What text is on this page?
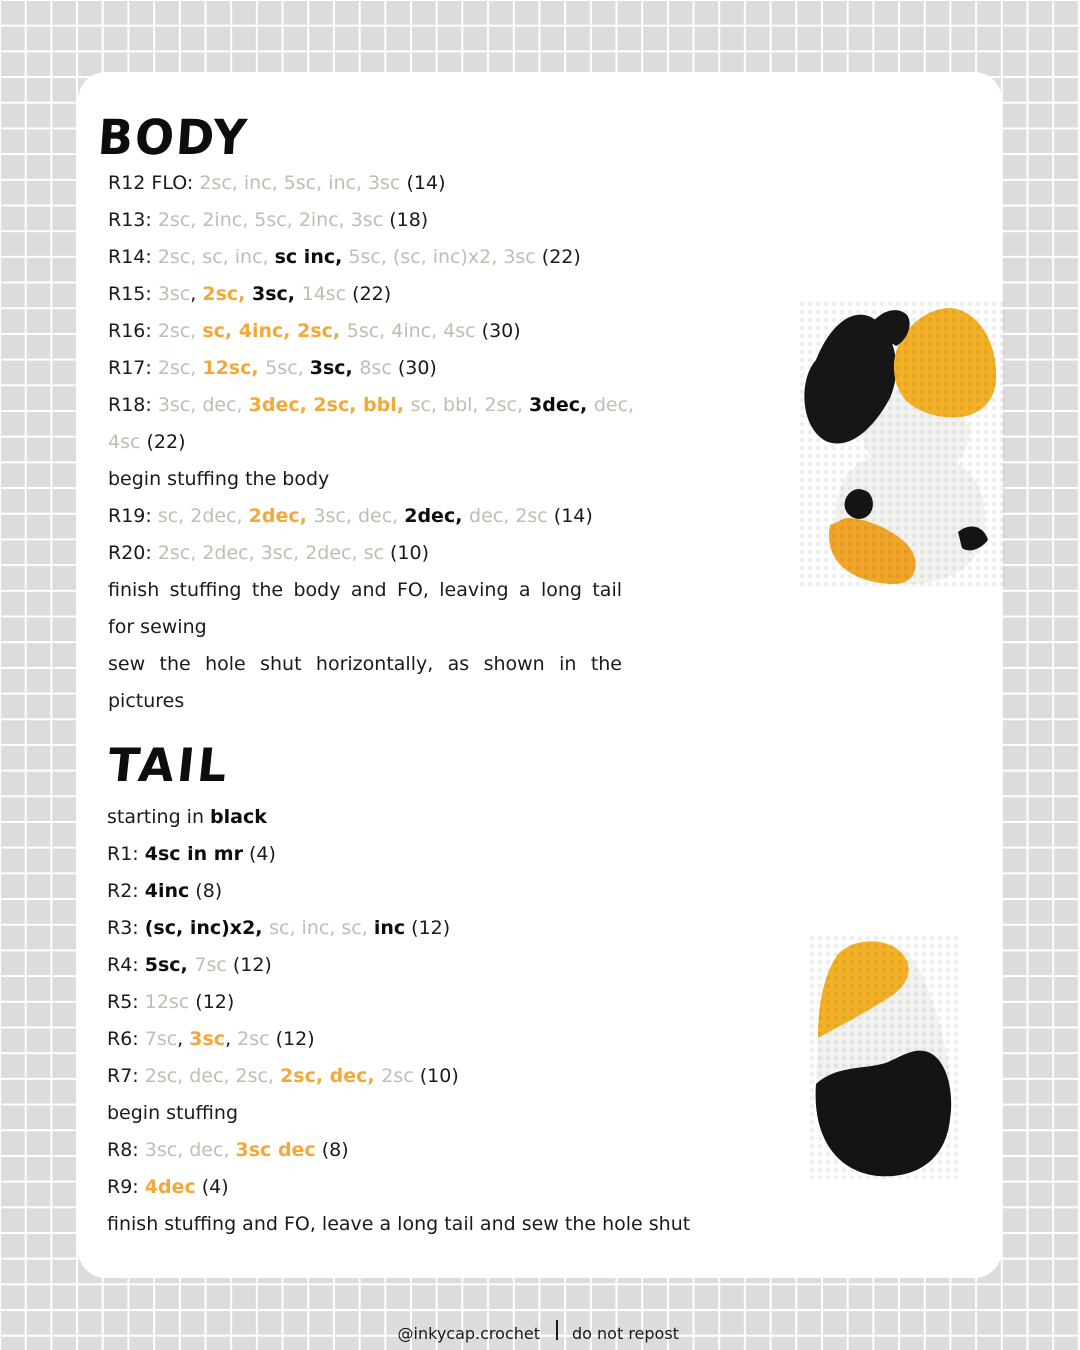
BODY
R12 FLO: 2sc, inc, 5sc, inc, 3sc (14)
R13: 2sc, 2inc, 5sc, 2inc, 3sc (18)
R14: 2sc, sc, inc, sc inc, 5sc, (sc, inc)x2, 3sc (22)
R15: 3sc, 2sc, 3sc, 14sc (22)
R16: 2sc, sc, 4inc, 2sc, 5sc, 4inc, 4sc (30)
R17: 2sc, 12sc, 5sc, 3sc, 8sc (30)
R18: 3sc, dec, 3dec, 2sc, bbl, sc, bbl, 2sc, 3dec, dec,
4sc (22)
begin stuffing the body
R19: sc, 2dec, 2dec, 3sc, dec, 2dec, dec, 2sc (14)
R20: 2sc, 2dec, 3sc, 2dec, sc (10)
finish stuffing the body and FO, leaving a long tail
for sewing
sew the hole shut horizontally, as shown in the
pictures
TAIL
starting in black
R1: 4sc in mr (4)
R2: 4inc (8)
R3: (sc, inc)x2, sc, inc, sc, inc (12)
R4: 5sc, 7sc (12)
R5: 12sc (12)
R6: 7sc, 3sc, 2sc (12)
R7: 2sc, dec, 2sc, 2sc, dec, 2sc (10)
begin stuffing
R8: 3sc, dec, 3sc dec (8)
R9: 4dec (4)
finish stuffing and FO, leave a long tail and sew the hole shut
@inkycap.crochet do not repost
